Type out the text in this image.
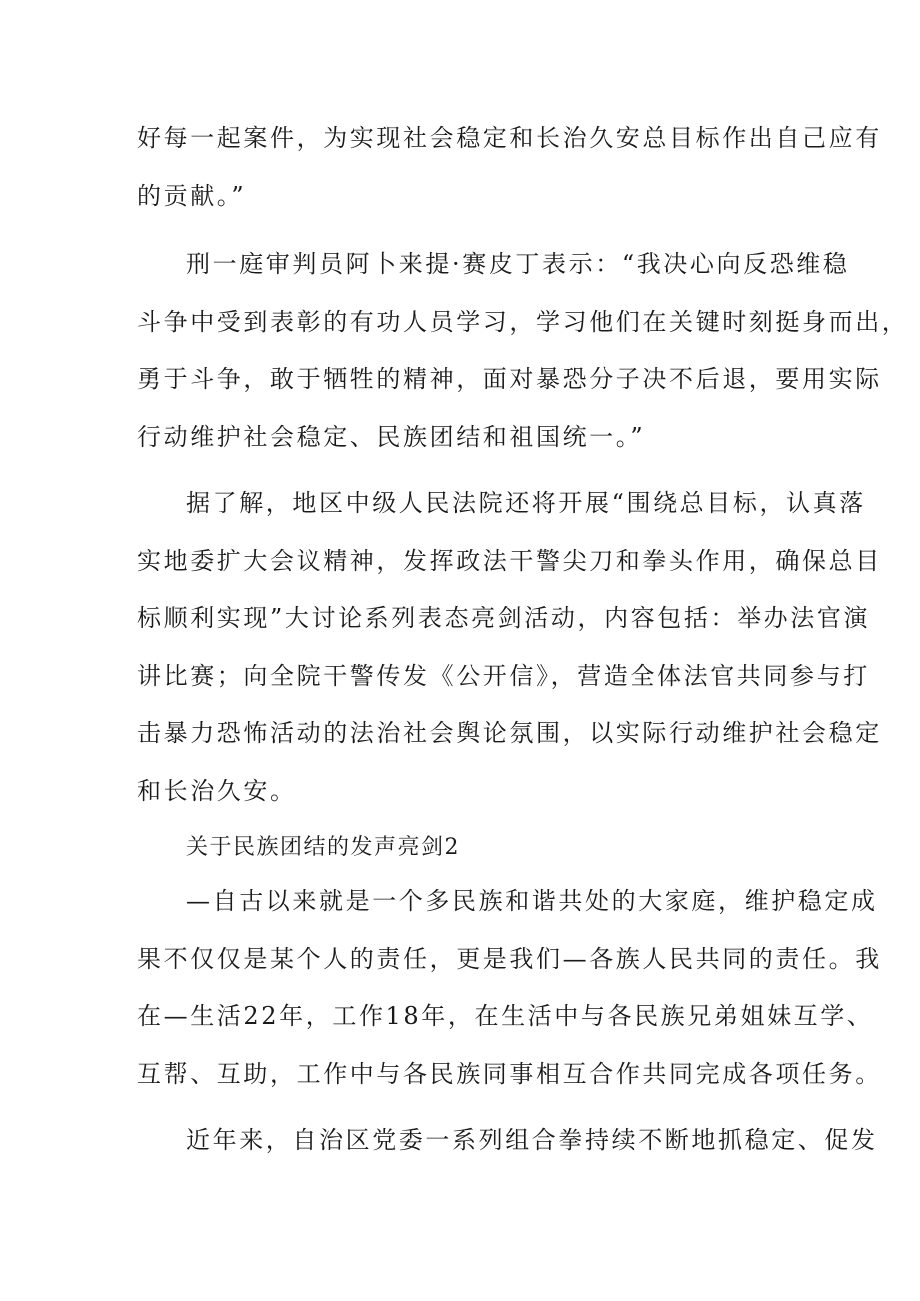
好每一起案件，为实现社会稳定和长治久安总目标作出自己应有
的贡献。”
刑一庭审判员阿卜来提·赛皮丁表示：“我决心向反恐维稳
斗争中受到表彰的有功人员学习，学习他们在关键时刻挺身而出，
勇于斗争，敢于牺牲的精神，面对暴恐分子决不后退，要用实际
行动维护社会稳定、民族团结和祖国统一。”
据了解，地区中级人民法院还将开展“围绕总目标，认真落
实地委扩大会议精神，发挥政法干警尖刀和拳头作用，确保总目
标顺利实现”大讨论系列表态亮剑活动，内容包括：举办法官演
讲比赛；向全院干警传发《公开信》，营造全体法官共同参与打
击暴力恐怖活动的法治社会舆论氛围，以实际行动维护社会稳定
和长治久安。
关于民族团结的发声亮剑2
—自古以来就是一个多民族和谐共处的大家庭，维护稳定成
果不仅仅是某个人的责任，更是我们—各族人民共同的责任。我
在—生活22年，工作18年，在生活中与各民族兄弟姐妹互学、
互帮、互助，工作中与各民族同事相互合作共同完成各项任务。
近年来，自治区党委一系列组合拳持续不断地抓稳定、促发
